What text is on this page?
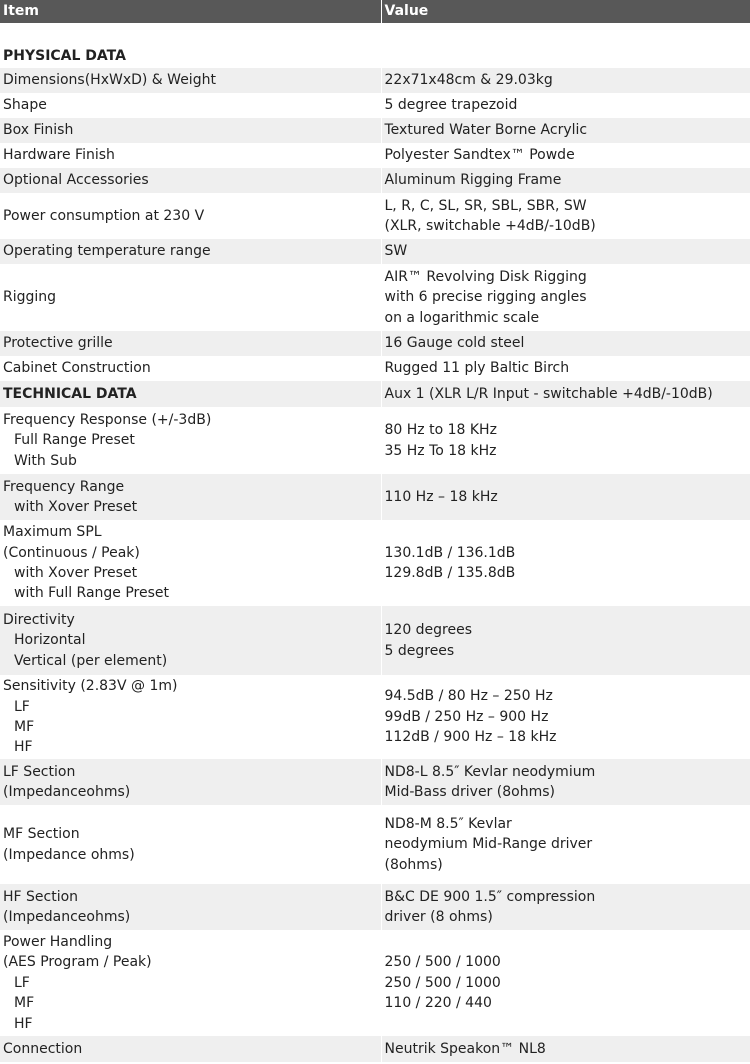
Item	Value

PHYSICAL DATA	

Dimensions(HxWxD) & Weight	22x71x48cm & 29.03kg

Shape	5 degree trapezoid

Box Finish	Textured Water Borne Acrylic

Hardware Finish	Polyester Sandtex™ Powde

Optional Accessories	Aluminum Rigging Frame

Power consumption at 230 V	L, R, C, SL, SR, SBL, SBR, SW
(XLR, switchable +4dB/-10dB)

Operating temperature range	SW

Rigging	AIR™ Revolving Disk Rigging
with 6 precise rigging angles
on a logarithmic scale

Protective grille	16 Gauge cold steel

Cabinet Construction	Rugged 11 ply Baltic Birch

TECHNICAL DATA	Aux 1 (XLR L/R Input - switchable +4dB/-10dB)

Frequency Response (+/-3dB)
Full Range Preset
With Sub	80 Hz to 18 KHz
35 Hz To 18 kHz

Frequency Range
with Xover Preset	110 Hz – 18 kHz

Maximum SPL
(Continuous / Peak)
with Xover Preset
with Full Range Preset	130.1dB / 136.1dB
129.8dB / 135.8dB

Directivity
Horizontal
Vertical (per element)	120 degrees
5 degrees

Sensitivity (2.83V @ 1m)
LF
MF
HF	94.5dB / 80 Hz – 250 Hz
99dB / 250 Hz – 900 Hz
112dB / 900 Hz – 18 kHz

LF Section
(Impedanceohms)	ND8-L 8.5″ Kevlar neodymium
Mid-Bass driver (8ohms)

MF Section
(Impedance ohms)	ND8-M 8.5″ Kevlar
neodymium Mid-Range driver
(8ohms)

HF Section
(Impedanceohms)	B&C DE 900 1.5″ compression
driver (8 ohms)

Power Handling
(AES Program / Peak)
LF
MF
HF	250 / 500 / 1000
250 / 500 / 1000
110 / 220 / 440

Connection	Neutrik Speakon™ NL8
